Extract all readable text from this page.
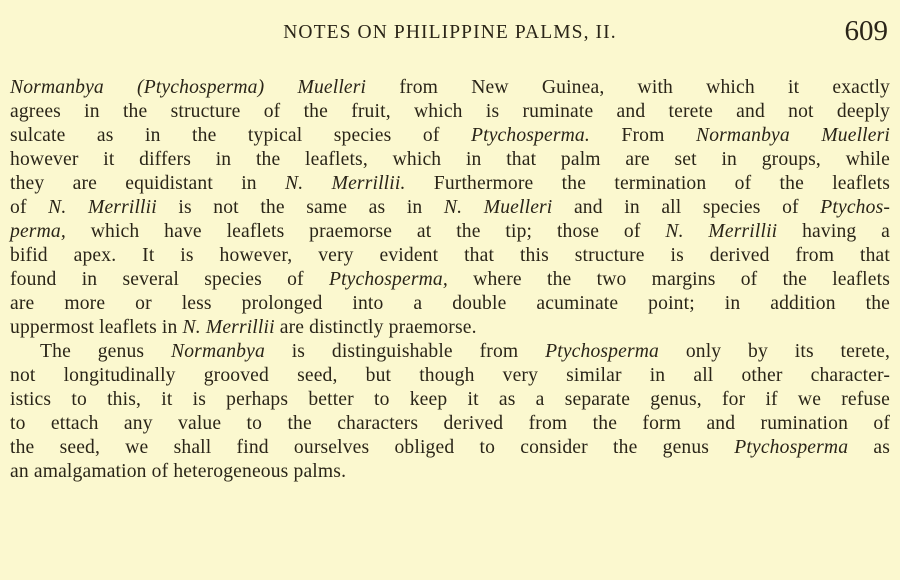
NOTES ON PHILIPPINE PALMS, II.	609
Normanbya (Ptychosperma) Muelleri from New Guinea, with which it exactly
agrees in the structure of the fruit, which is ruminate and terete and not deeply
sulcate as in the typical species of Ptychosperma. From Normanbya Muelleri
however it differs in the leaflets, which in that palm are set in groups, while
they are equidistant in N. Merrillii. Furthermore the termination of the leaflets
of N. Merrillii is not the same as in N. Muelleri and in all species of Ptychos-
perma, which have leaflets praemorse at the tip; those of N. Merrillii having a
bifid apex. It is however, very evident that this structure is derived from that
found in several species of Ptychosperma, where the two margins of the leaflets
are more or less prolonged into a double acuminate point; in addition the
uppermost leaflets in N. Merrillii are distinctly praemorse.
The genus Normanbya is distinguishable from Ptychosperma only by its terete,
not longitudinally grooved seed, but though very similar in all other character-
istics to this, it is perhaps better to keep it as a separate genus, for if we refuse
to ettach any value to the characters derived from the form and rumination of
the seed, we shall find ourselves obliged to consider the genus Ptychosperma as
an amalgamation of heterogeneous palms.
